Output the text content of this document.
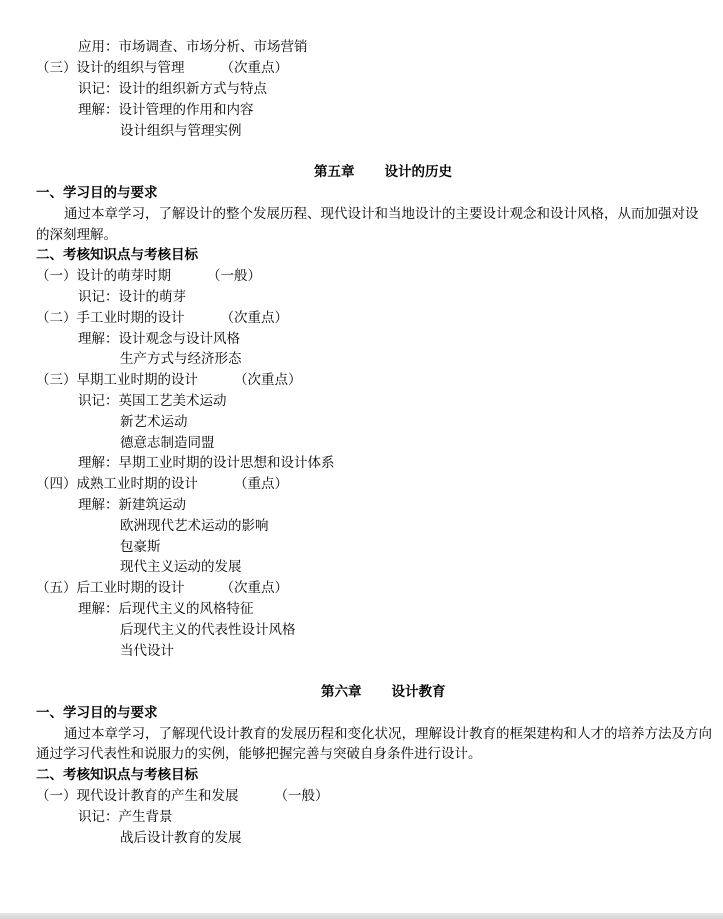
应用：市场调查、市场分析、市场营销
（三）设计的组织与管理	（次重点）
识记：设计的组织新方式与特点
理解：设计管理的作用和内容
设计组织与管理实例
第五章 设计的历史
一、学习目的与要求
通过本章学习，了解设计的整个发展历程、现代设计和当地设计的主要设计观念和设计风格，从而加强对设
的深刻理解。
二、考核知识点与考核目标
（一）设计的萌芽时期	（一般）
识记：设计的萌芽
（二）手工业时期的设计	（次重点）
理解：设计观念与设计风格
生产方式与经济形态
（三）早期工业时期的设计	（次重点）
识记：英国工艺美术运动
新艺术运动
德意志制造同盟
理解：早期工业时期的设计思想和设计体系
（四）成熟工业时期的设计	（重点）
理解：新建筑运动
欧洲现代艺术运动的影响
包豪斯
现代主义运动的发展
（五）后工业时期的设计	（次重点）
理解：后现代主义的风格特征
后现代主义的代表性设计风格
当代设计
第六章 设计教育
一、学习目的与要求
通过本章学习，了解现代设计教育的发展历程和变化状况，理解设计教育的框架建构和人才的培养方法及方向
通过学习代表性和说服力的实例，能够把握完善与突破自身条件进行设计。
二、考核知识点与考核目标
（一）现代设计教育的产生和发展	（一般）
识记：产生背景
战后设计教育的发展
